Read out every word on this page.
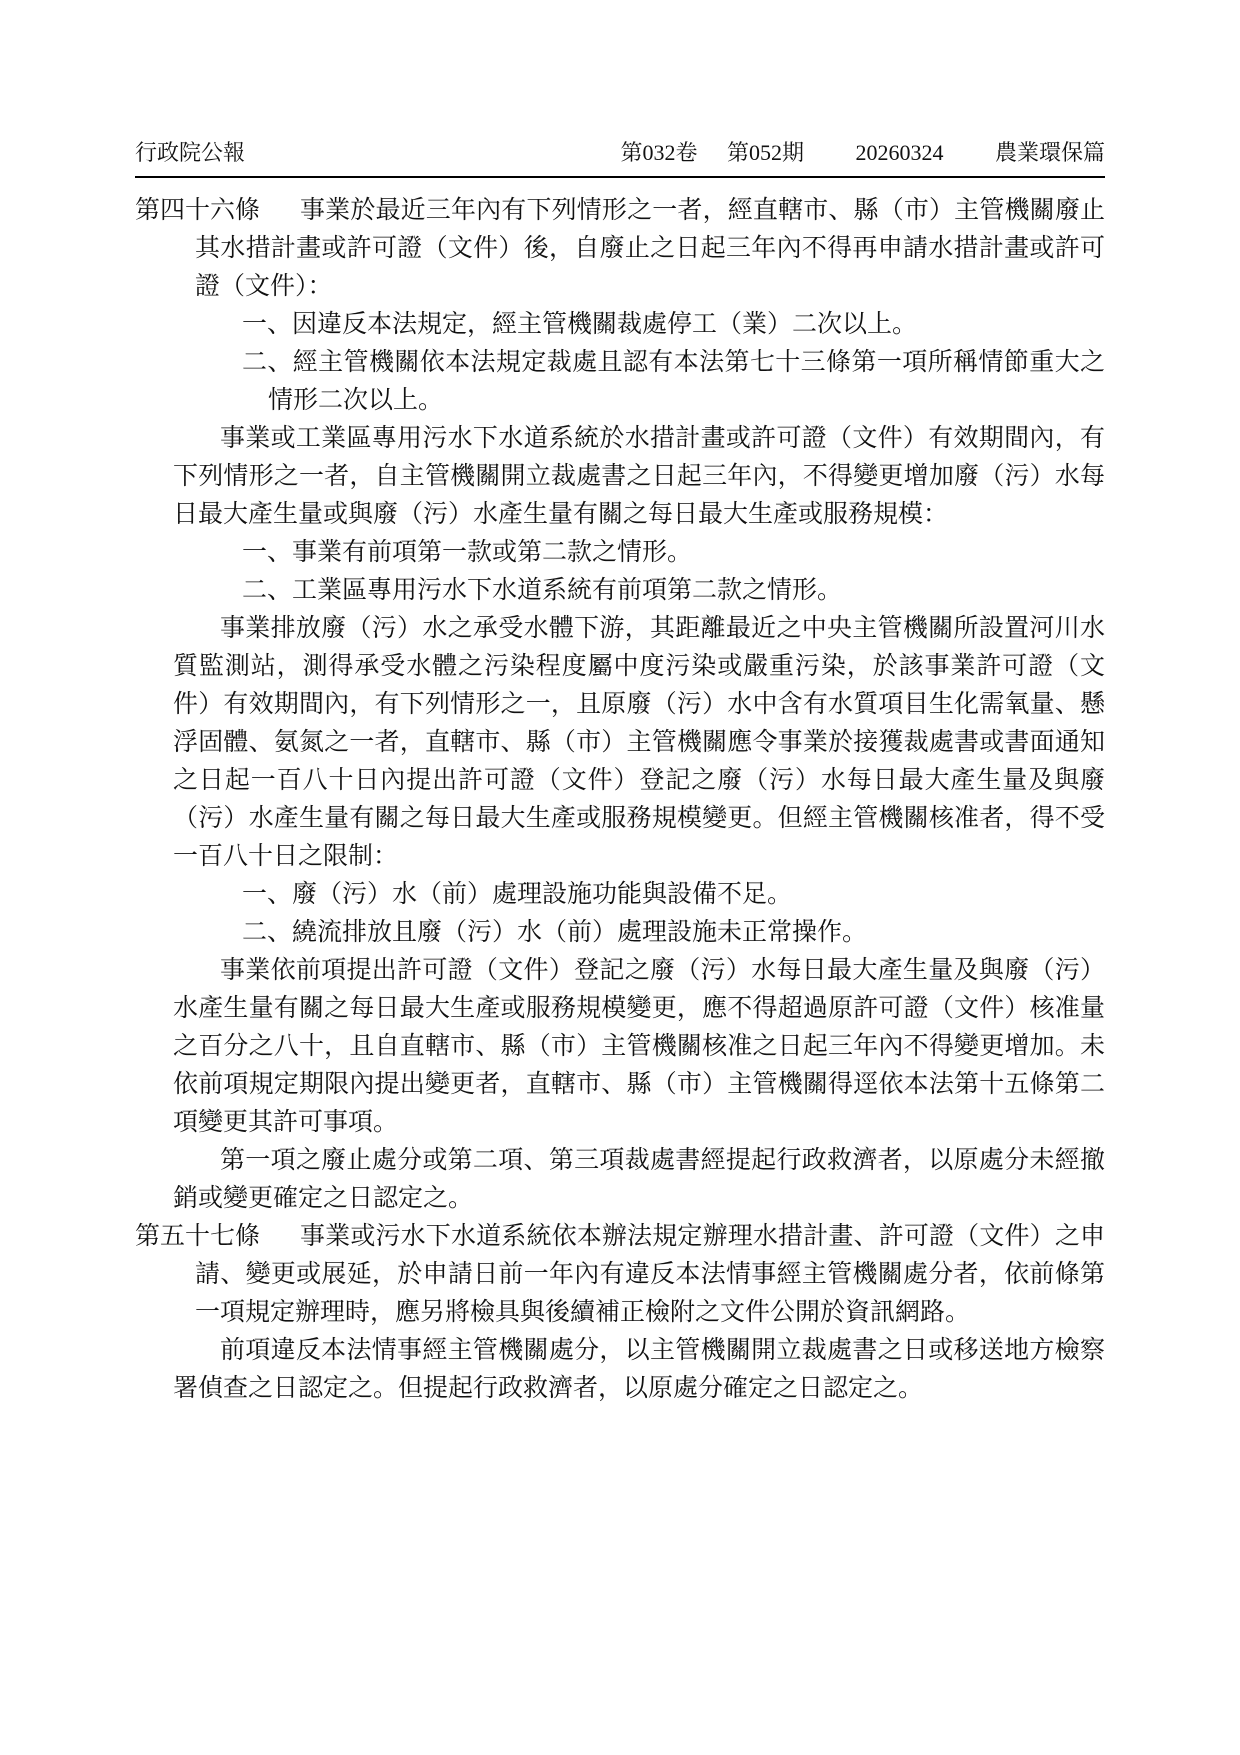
行政院公報	第032卷 第052期 20260324 農業環保篇
第四十六條	事業於最近三年內有下列情形之一者，經直轄市、縣（市）主管機關廢止其水措計畫或許可證（文件）後，自廢止之日起三年內不得再申請水措計畫或許可證（文件）：
一、因違反本法規定，經主管機關裁處停工（業）二次以上。
二、經主管機關依本法規定裁處且認有本法第七十三條第一項所稱情節重大之情形二次以上。
事業或工業區專用污水下水道系統於水措計畫或許可證（文件）有效期間內，有下列情形之一者，自主管機關開立裁處書之日起三年內，不得變更增加廢（污）水每日最大產生量或與廢（污）水產生量有關之每日最大生產或服務規模：
一、事業有前項第一款或第二款之情形。
二、工業區專用污水下水道系統有前項第二款之情形。
事業排放廢（污）水之承受水體下游，其距離最近之中央主管機關所設置河川水質監測站，測得承受水體之污染程度屬中度污染或嚴重污染，於該事業許可證（文件）有效期間內，有下列情形之一，且原廢（污）水中含有水質項目生化需氧量、懸浮固體、氨氮之一者，直轄市、縣（市）主管機關應令事業於接獲裁處書或書面通知之日起一百八十日內提出許可證（文件）登記之廢（污）水每日最大產生量及與廢（污）水產生量有關之每日最大生產或服務規模變更。但經主管機關核准者，得不受一百八十日之限制：
一、廢（污）水（前）處理設施功能與設備不足。
二、繞流排放且廢（污）水（前）處理設施未正常操作。
事業依前項提出許可證（文件）登記之廢（污）水每日最大產生量及與廢（污）水產生量有關之每日最大生產或服務規模變更，應不得超過原許可證（文件）核准量之百分之八十，且自直轄市、縣（市）主管機關核准之日起三年內不得變更增加。未依前項規定期限內提出變更者，直轄市、縣（市）主管機關得逕依本法第十五條第二項變更其許可事項。
第一項之廢止處分或第二項、第三項裁處書經提起行政救濟者，以原處分未經撤銷或變更確定之日認定之。
第五十七條	事業或污水下水道系統依本辦法規定辦理水措計畫、許可證（文件）之申請、變更或展延，於申請日前一年內有違反本法情事經主管機關處分者，依前條第一項規定辦理時，應另將檢具與後續補正檢附之文件公開於資訊網路。
前項違反本法情事經主管機關處分，以主管機關開立裁處書之日或移送地方檢察署偵查之日認定之。但提起行政救濟者，以原處分確定之日認定之。
